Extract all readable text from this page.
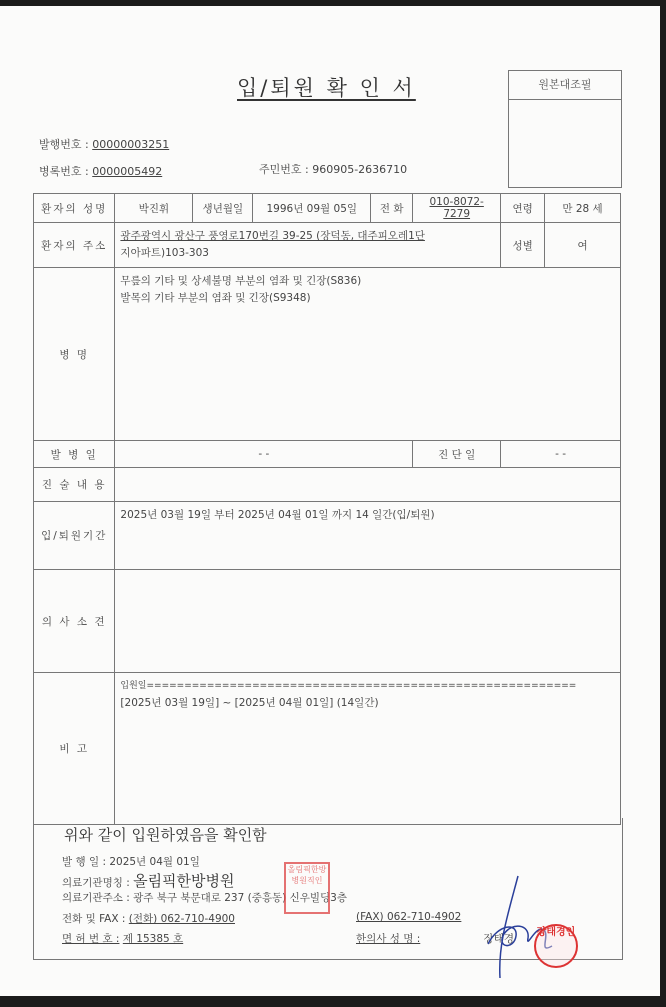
입/퇴원 확 인 서	원본대조필
발행번호 : 00000003251
병록번호 : 0000005492	주민번호 : 960905-2636710
환자의 성명	박진휘	생년월일	1996년 09월 05일	전 화	010-8072-7279	연령	만 28 세
환자의 주소	광주광역시 광산구 풍영로170번길 39-25 (장덕동, 대주피오레1단
지아파트)103-303					성별	여
병 명	무릎의 기타 및 상세불명 부분의 염좌 및 긴장(S836)
발목의 기타 부분의 염좌 및 긴장(S9348)						

발 병 일	- -				진 단 일	- -	
진 술 내 용							
입/퇴원기간	2025년 03월 19일 부터 2025년 04월 01일 까지 14 일간(입/퇴원)						
의 사 소 견							
비 고	입원일=========================================================
[2025년 03월 19일] ~ [2025년 04월 01일] (14일간)						
위와 같이 입원하였음을 확인함
발 행 일 : 2025년 04월 01일
의료기관명칭 : 올림픽한방병원
의료기관주소 : 광주 북구 북문대로 237 (중흥동) 신우빌딩3층
전화 및 FAX : (전화) 062-710-4900	(FAX) 062-710-4902
면 허 번 호 : 제 15385 호	한의사 성 명 :	장태경
올림픽한방병원직인
장태경인
